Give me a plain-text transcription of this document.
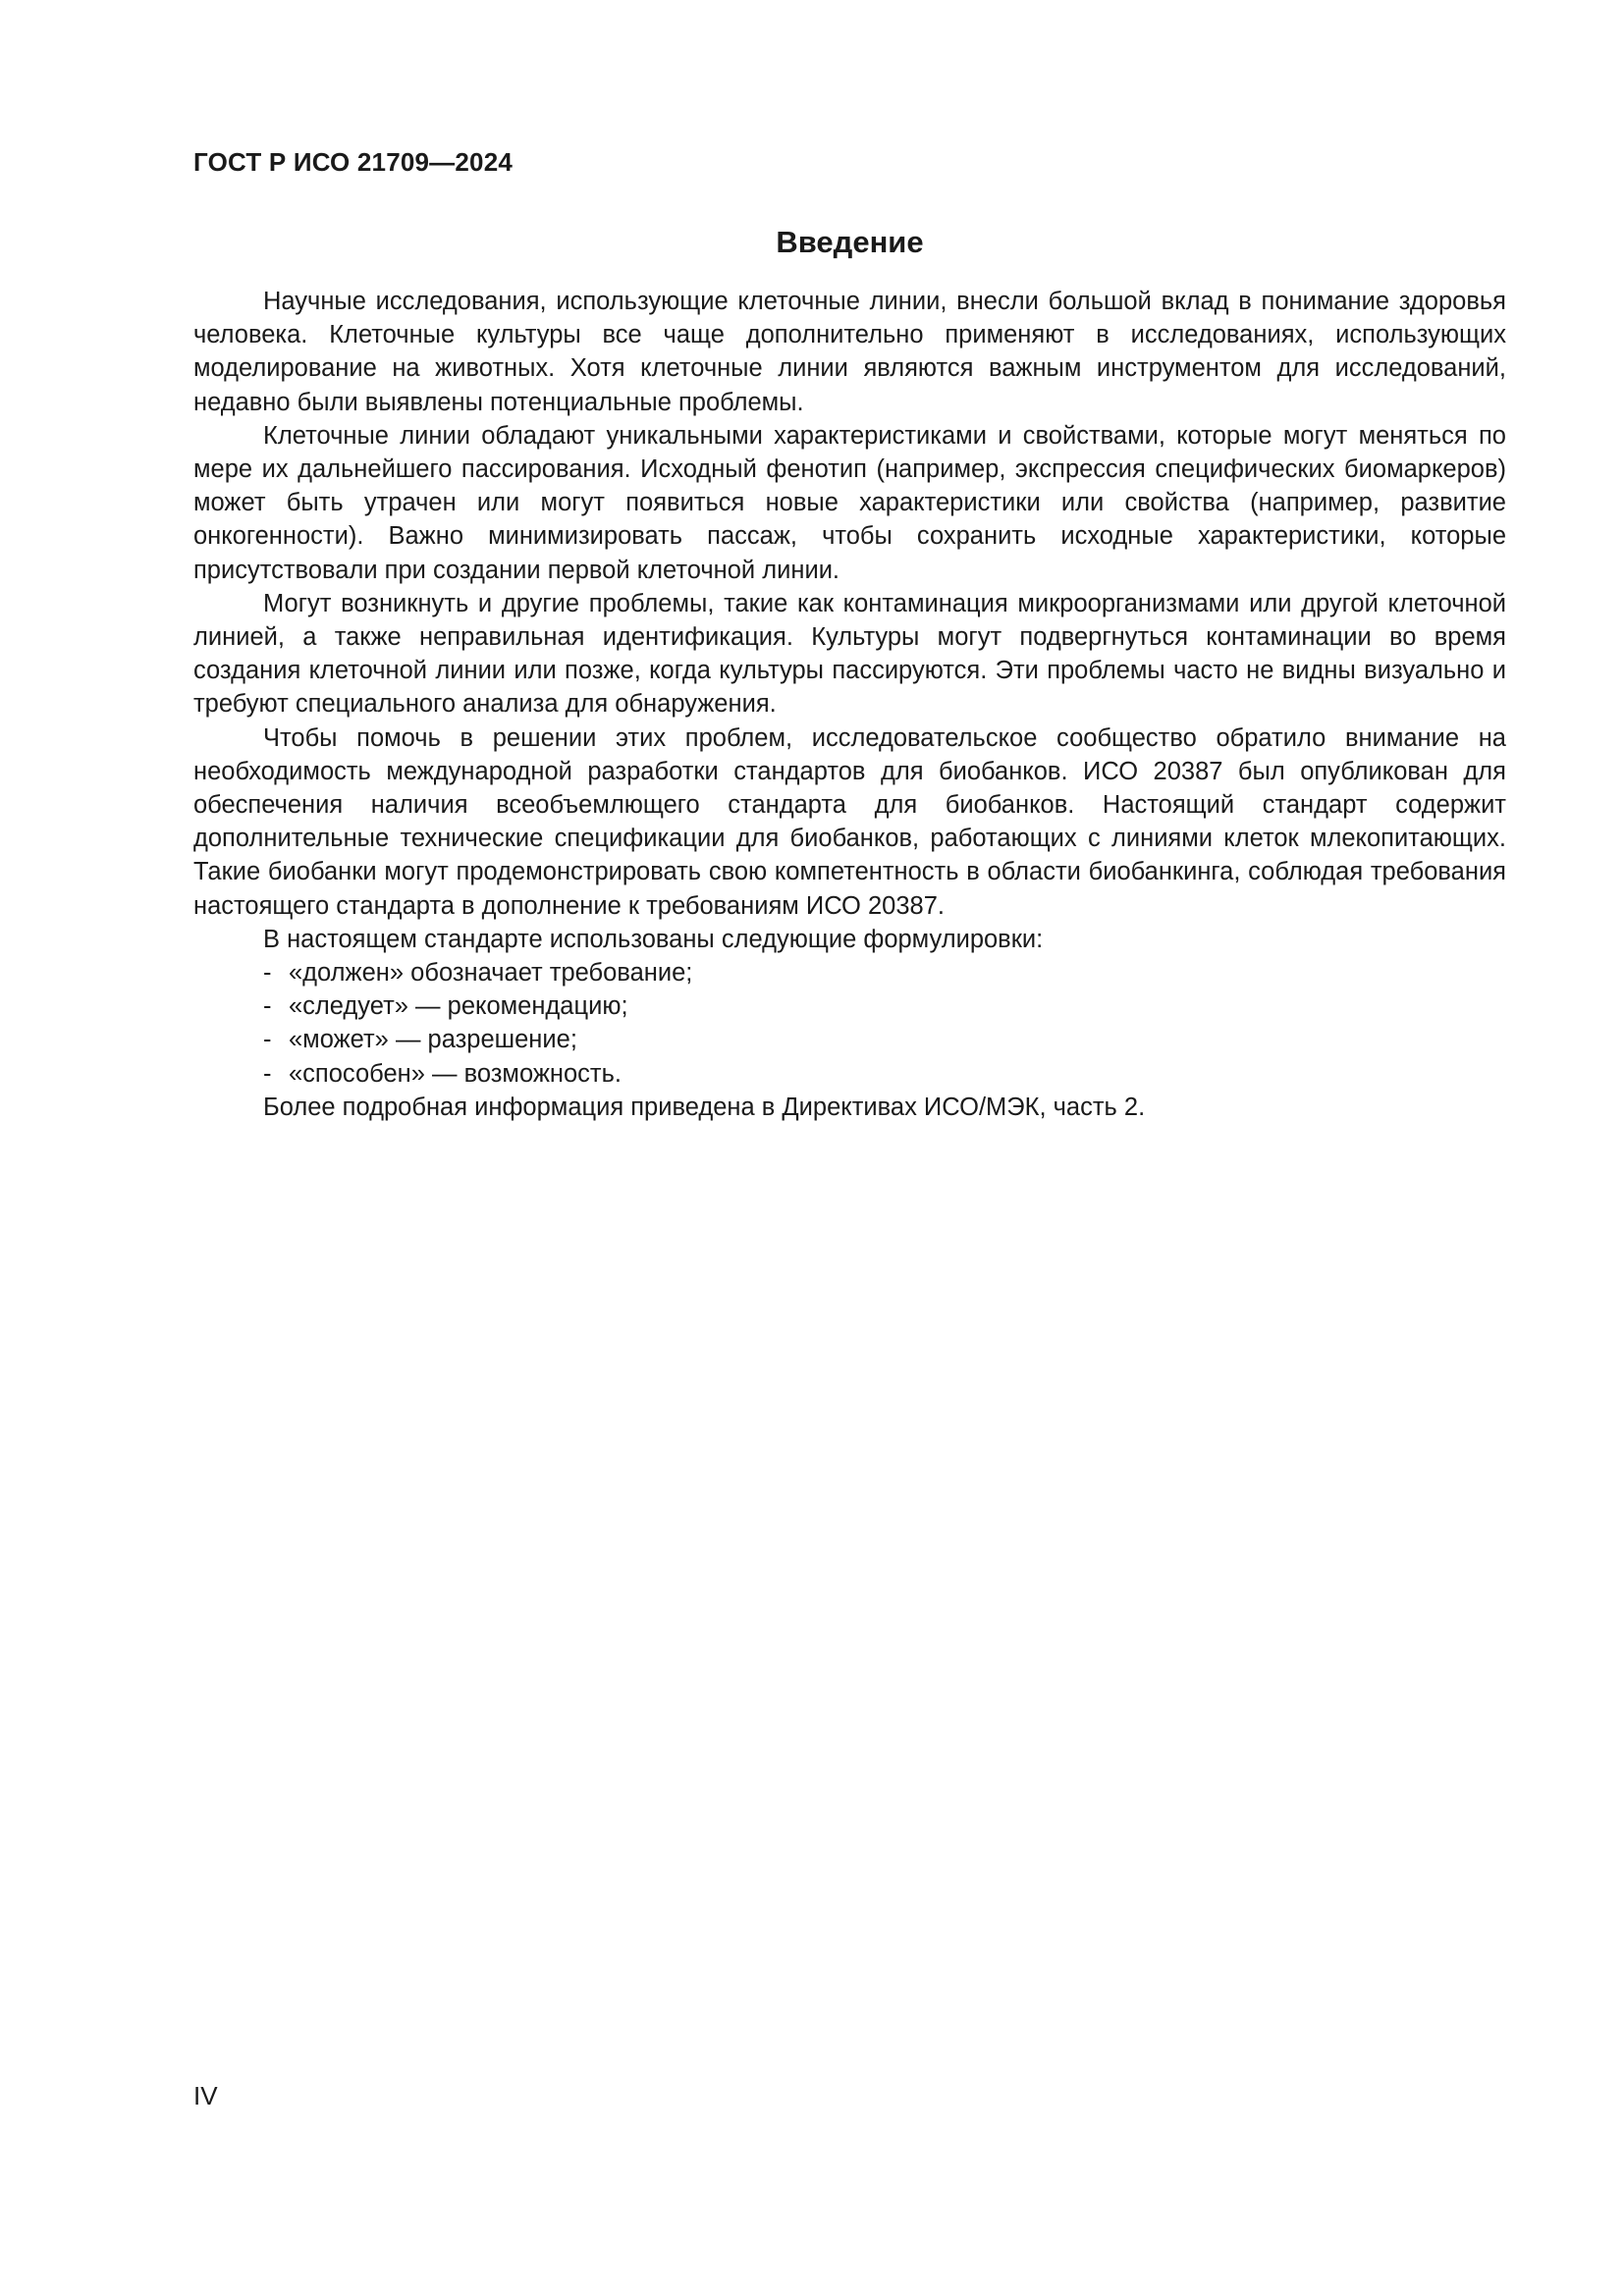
ГОСТ Р ИСО 21709—2024
Введение

Научные исследования, использующие клеточные линии, внесли большой вклад в понимание здоровья человека. Клеточные культуры все чаще дополнительно применяют в исследованиях, использующих моделирование на животных. Хотя клеточные линии являются важным инструментом для исследований, недавно были выявлены потенциальные проблемы.

Клеточные линии обладают уникальными характеристиками и свойствами, которые могут меняться по мере их дальнейшего пассирования. Исходный фенотип (например, экспрессия специфических биомаркеров) может быть утрачен или могут появиться новые характеристики или свойства (например, развитие онкогенности). Важно минимизировать пассаж, чтобы сохранить исходные характеристики, которые присутствовали при создании первой клеточной линии.

Могут возникнуть и другие проблемы, такие как контаминация микроорганизмами или другой клеточной линией, а также неправильная идентификация. Культуры могут подвергнуться контаминации во время создания клеточной линии или позже, когда культуры пассируются. Эти проблемы часто не видны визуально и требуют специального анализа для обнаружения.

Чтобы помочь в решении этих проблем, исследовательское сообщество обратило внимание на необходимость международной разработки стандартов для биобанков. ИСО 20387 был опубликован для обеспечения наличия всеобъемлющего стандарта для биобанков. Настоящий стандарт содержит дополнительные технические спецификации для биобанков, работающих с линиями клеток млекопитающих. Такие биобанки могут продемонстрировать свою компетентность в области биобанкинга, соблюдая требования настоящего стандарта в дополнение к требованиям ИСО 20387.

В настоящем стандарте использованы следующие формулировки:

- «должен» обозначает требование;
- «следует» — рекомендацию;
- «может» — разрешение;
- «способен» — возможность.

Более подробная информация приведена в Директивах ИСО/МЭК, часть 2.

IV
